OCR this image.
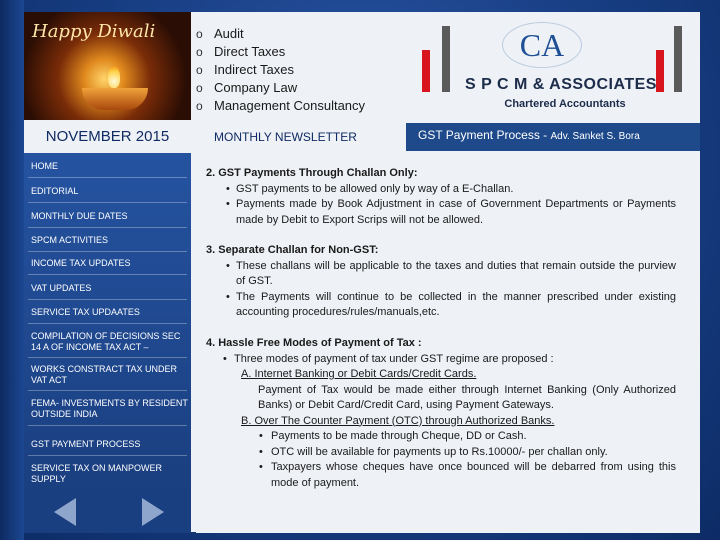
Happy Diwali	o Audit
o Direct Taxes
o Indirect Taxes
o Company Law
o Management Consultancy
CA
S P C M & ASSOCIATES
Chartered Accountants
NOVEMBER 2015	MONTHLY NEWSLETTER	GST Payment Process - Adv. Sanket S. Bora
HOME
EDITORIAL
MONTHLY DUE DATES
SPCM ACTIVITIES
INCOME TAX UPDATES
VAT UPDATES
SERVICE TAX UPDAATES
COMPILATION OF DECISIONS SEC 14 A OF INCOME TAX ACT –
WORKS CONSTRACT TAX UNDER VAT ACT
FEMA- INVESTMENTS BY RESIDENT OUTSIDE INDIA
GST PAYMENT PROCESS
SERVICE TAX ON MANPOWER SUPPLY
2. GST Payments Through Challan Only:
• GST payments to be allowed only by way of a E-Challan.
• Payments made by Book Adjustment in case of Government Departments or Payments made by Debit to Export Scrips will not be allowed.
3. Separate Challan for Non-GST:
• These challans will be applicable to the taxes and duties that remain outside the purview of GST.
• The Payments will continue to be collected in the manner prescribed under existing accounting procedures/rules/manuals,etc.
4. Hassle Free Modes of Payment of Tax :
• Three modes of payment of tax under GST regime are proposed :
A. Internet Banking or Debit Cards/Credit Cards.
Payment of Tax would be made either through Internet Banking (Only Authorized Banks) or Debit Card/Credit Card, using Payment Gateways.
B. Over The Counter Payment (OTC) through Authorized Banks.
• Payments to be made through Cheque, DD or Cash.
• OTC will be available for payments up to Rs.10000/- per challan only.
• Taxpayers whose cheques have once bounced will be debarred from using this mode of payment.
